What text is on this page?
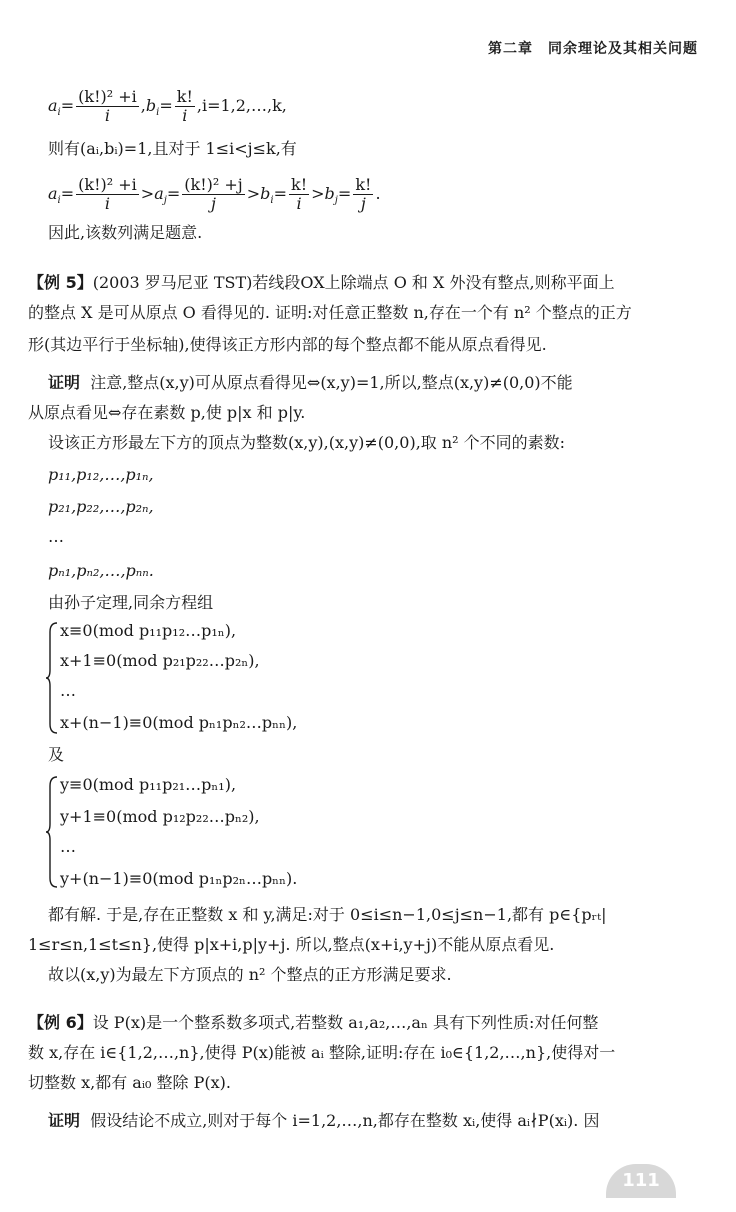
第二章　同余理论及其相关问题
$a_i= \frac{\text{(k!)² +i}}{i} ,b_i= \frac{k!}{i}$ ,i=1,2,…,k,
则有(aᵢ,bᵢ)=1,且对于 1≤i<j≤k,有
$a_i= \frac{\text{(k!)² +i}}{i} >a_j= \frac{\text{(k!)² +j}}{j} >b_i= \frac{k!}{i} >b_j= \frac{k!}{j}$ .
因此,该数列满足题意.
【例 5】(2003 罗马尼亚 TST)若线段OX上除端点 O 和 X 外没有整点,则称平面上
的整点 X 是可从原点 O 看得见的. 证明:对任意正整数 n,存在一个有 n² 个整点的正方
形(其边平行于坐标轴),使得该正方形内部的每个整点都不能从原点看得见.
证明 注意,整点(x,y)可从原点看得见⇔(x,y)=1,所以,整点(x,y)≠(0,0)不能
从原点看见⇔存在素数 p,使 p|x 和 p|y.
设该正方形最左下方的顶点为整数(x,y),(x,y)≠(0,0),取 n² 个不同的素数:
p₁₁,p₁₂,…,p₁ₙ,
p₂₁,p₂₂,…,p₂ₙ,
…
pₙ₁,pₙ₂,…,pₙₙ.
由孙子定理,同余方程组
x≡0(mod p₁₁p₁₂…p₁ₙ),
x+1≡0(mod p₂₁p₂₂…p₂ₙ),
…
x+(n−1)≡0(mod pₙ₁pₙ₂…pₙₙ),
及
y≡0(mod p₁₁p₂₁…pₙ₁),
y+1≡0(mod p₁₂p₂₂…pₙ₂),
…
y+(n−1)≡0(mod p₁ₙp₂ₙ…pₙₙ).
都有解. 于是,存在正整数 x 和 y,满足:对于 0≤i≤n−1,0≤j≤n−1,都有 p∈{pᵣₜ|
1≤r≤n,1≤t≤n},使得 p|x+i,p|y+j. 所以,整点(x+i,y+j)不能从原点看见.
故以(x,y)为最左下方顶点的 n² 个整点的正方形满足要求.
【例 6】设 P(x)是一个整系数多项式,若整数 a₁,a₂,…,aₙ 具有下列性质:对任何整
数 x,存在 i∈{1,2,…,n},使得 P(x)能被 aᵢ 整除,证明:存在 i₀∈{1,2,…,n},使得对一
切整数 x,都有 aᵢ₀ 整除 P(x).
证明 假设结论不成立,则对于每个 i=1,2,…,n,都存在整数 xᵢ,使得 aᵢ∤P(xᵢ). 因
111
